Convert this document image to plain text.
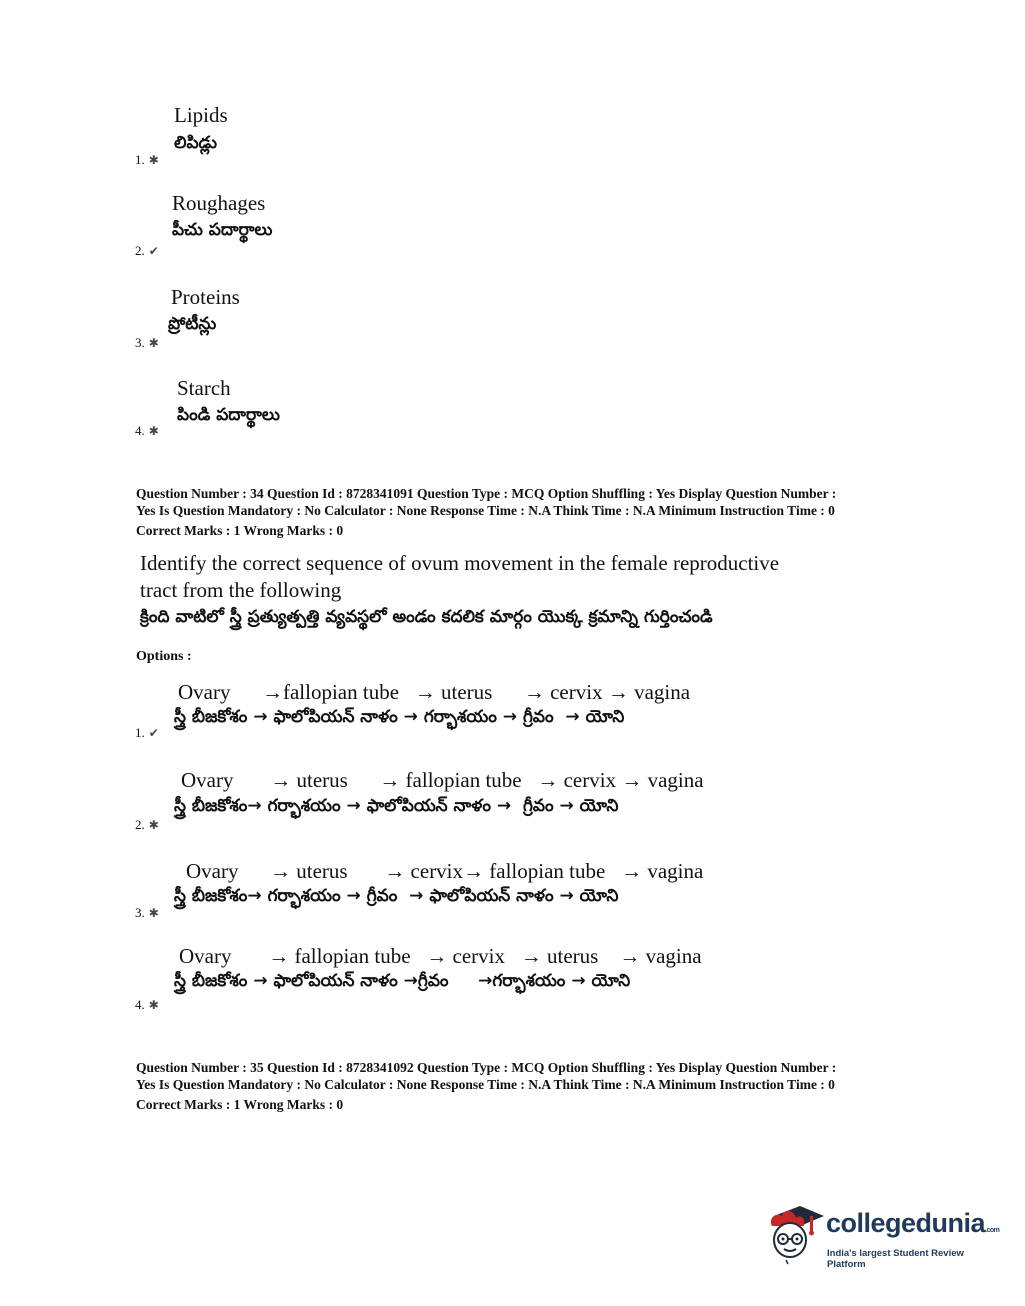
Lipids
లిపిడ్లు
1. ✱
Roughages
పీచు పదార్థాలు
2. ✔
Proteins
ప్రోటీన్లు
3. ✱
Starch
పిండి పదార్థాలు
4. ✱
Question Number : 34 Question Id : 8728341091 Question Type : MCQ Option Shuffling : Yes Display Question Number :
Yes Is Question Mandatory : No Calculator : None Response Time : N.A Think Time : N.A Minimum Instruction Time : 0
Correct Marks : 1 Wrong Marks : 0
Identify the correct sequence of ovum movement in the female reproductive
tract from the following
క్రింది వాటిలో స్త్రీ ప్రత్యుత్పత్తి వ్యవస్థలో అండం కదలిక మార్గం యొక్క క్రమాన్ని గుర్తించండి
Options :
Ovary      →fallopian tube   → uterus      → cervix → vagina
స్త్రీ బీజకోశం → ఫాలోపియన్ నాళం → గర్భాశయం → గ్రీవం  → యోని
1. ✔
Ovary       → uterus      → fallopian tube   → cervix → vagina
స్త్రీ బీజకోశం→ గర్భాశయం → ఫాలోపియన్ నాళం →  గ్రీవం → యోని
2. ✱
Ovary      → uterus       → cervix→ fallopian tube   → vagina
స్త్రీ బీజకోశం→ గర్భాశయం → గ్రీవం  → ఫాలోపియన్ నాళం → యోని
3. ✱
Ovary       → fallopian tube   → cervix   → uterus    → vagina
స్త్రీ బీజకోశం → ఫాలోపియన్ నాళం →గ్రీవం     →గర్భాశయం → యోని
4. ✱
Question Number : 35 Question Id : 8728341092 Question Type : MCQ Option Shuffling : Yes Display Question Number :
Yes Is Question Mandatory : No Calculator : None Response Time : N.A Think Time : N.A Minimum Instruction Time : 0
Correct Marks : 1 Wrong Marks : 0
collegedunia.com
India's largest Student Review Platform
